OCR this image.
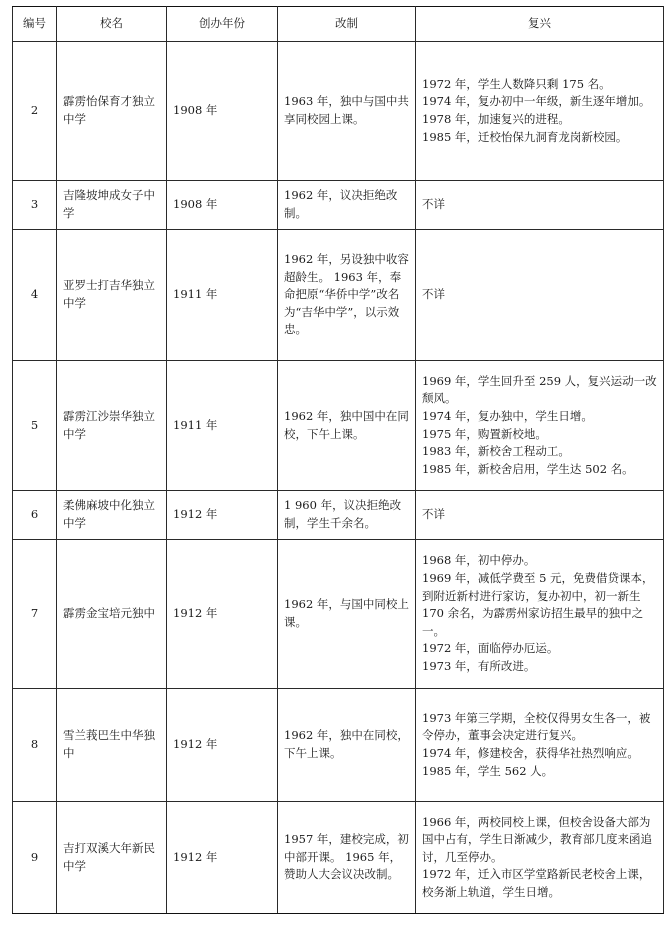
编号	校名	创办年份	改制	复兴
2	霹雳怡保育才独立中学	1908 年	1963 年，独中与国中共享同校园上课。	1972 年，学生人数降只剩 175 名。
1974 年，复办初中一年级，新生逐年增加。
1978 年，加速复兴的进程。
1985 年，迁校怡保九洞育龙岗新校园。

3	吉隆坡坤成女子中学	1908 年	1962 年，议决拒绝改制。	不详

4	亚罗士打吉华独立中学	1911 年	1962 年，另设独中收容超龄生。 1963 年，奉命把原“华侨中学”改名为“吉华中学”，以示效忠。	不详

5	霹雳江沙崇华独立中学	1911 年	1962 年，独中国中在同校，下午上课。	1969 年，学生回升至 259 人，复兴运动一改颓风。
1974 年，复办独中，学生日增。
1975 年，购置新校地。
1983 年，新校舍工程动工。
1985 年，新校舍启用，学生达 502 名。

6	柔佛麻坡中化独立中学	1912 年	1 960 年，议决拒绝改制，学生千余名。	不详

7	霹雳金宝培元独中	1912 年	1962 年，与国中同校上课。	1968 年，初中停办。
1969 年，减低学费至 5 元，免费借贷课本，到附近新村进行家访，复办初中，初一新生 170 余名，为霹雳州家访招生最早的独中之一。
1972 年，面临停办厄运。
1973 年，有所改进。

8	雪兰莪巴生中华独中	1912 年	1962 年，独中在同校，下午上课。	1973 年第三学期，全校仅得男女生各一，被令停办，董事会决定进行复兴。
1974 年，修建校舍，获得华社热烈响应。
1985 年，学生 562 人。

9	吉打双溪大年新民中学	1912 年	1957 年，建校完成，初中部开课。 1965 年，赞助人大会议决改制。	1966 年，两校同校上课，但校舍设备大部为国中占有，学生日渐减少，教育部几度来函追讨，几至停办。
1972 年，迁入市区学堂路新民老校舍上课，校务渐上轨道，学生日增。
